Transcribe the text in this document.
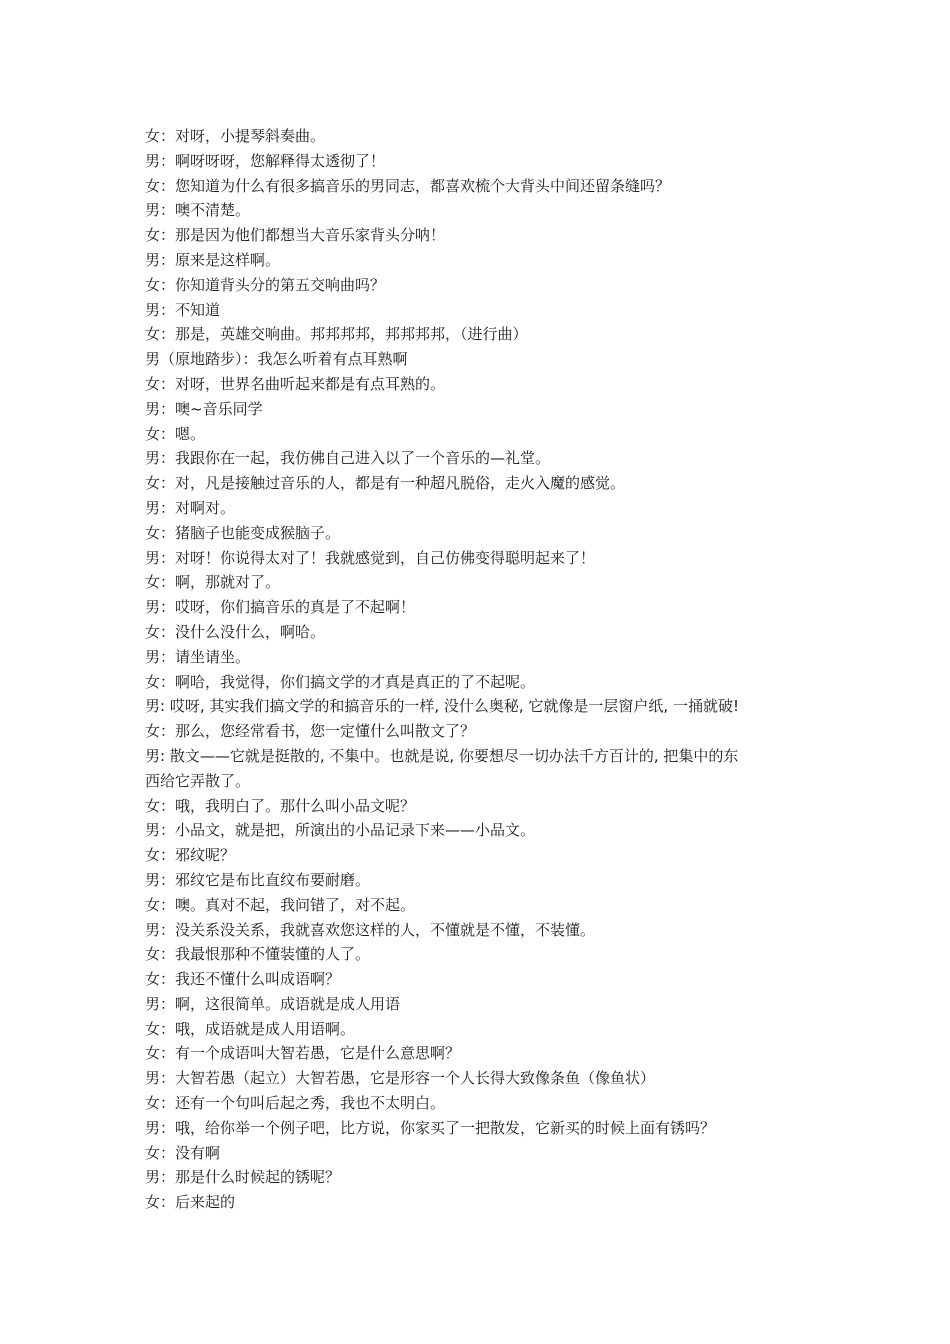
女：对呀，小提琴斜奏曲。
男：啊呀呀呀，您解释得太透彻了！
女：您知道为什么有很多搞音乐的男同志，都喜欢梳个大背头中间还留条缝吗？
男：噢不清楚。
女：那是因为他们都想当大音乐家背头分呐！
男：原来是这样啊。
女：你知道背头分的第五交响曲吗？
男：不知道
女：那是，英雄交响曲。邦邦邦邦，邦邦邦邦，（进行曲）
男（原地踏步）：我怎么听着有点耳熟啊
女：对呀，世界名曲听起来都是有点耳熟的。
男：噢~音乐同学
女：嗯。
男：我跟你在一起，我仿佛自己进入以了一个音乐的—礼堂。
女：对，凡是接触过音乐的人，都是有一种超凡脱俗，走火入魔的感觉。
男：对啊对。
女：猪脑子也能变成猴脑子。
男：对呀！你说得太对了！我就感觉到，自己仿佛变得聪明起来了！
女：啊，那就对了。
男：哎呀，你们搞音乐的真是了不起啊！
女：没什么没什么，啊哈。
男：请坐请坐。
女：啊哈，我觉得，你们搞文学的才真是真正的了不起呢。
男: 哎呀, 其实我们搞文学的和搞音乐的一样, 没什么奥秘, 它就像是一层窗户纸, 一捅就破!
女：那么，您经常看书，您一定懂什么叫散文了？
男: 散文——它就是挺散的, 不集中。也就是说, 你要想尽一切办法千方百计的, 把集中的东
西给它弄散了。
女：哦，我明白了。那什么叫小品文呢？
男：小品文，就是把，所演出的小品记录下来——小品文。
女：邪纹呢？
男：邪纹它是布比直纹布要耐磨。
女：噢。真对不起，我问错了，对不起。
男：没关系没关系，我就喜欢您这样的人，不懂就是不懂，不装懂。
女：我最恨那种不懂装懂的人了。
女：我还不懂什么叫成语啊？
男：啊，这很简单。成语就是成人用语
女：哦，成语就是成人用语啊。
女：有一个成语叫大智若愚，它是什么意思啊？
男：大智若愚（起立）大智若愚，它是形容一个人长得大致像条鱼（像鱼状）
女：还有一个句叫后起之秀，我也不太明白。
男：哦，给你举一个例子吧，比方说，你家买了一把散发，它新买的时候上面有锈吗？
女：没有啊
男：那是什么时候起的锈呢？
女：后来起的
